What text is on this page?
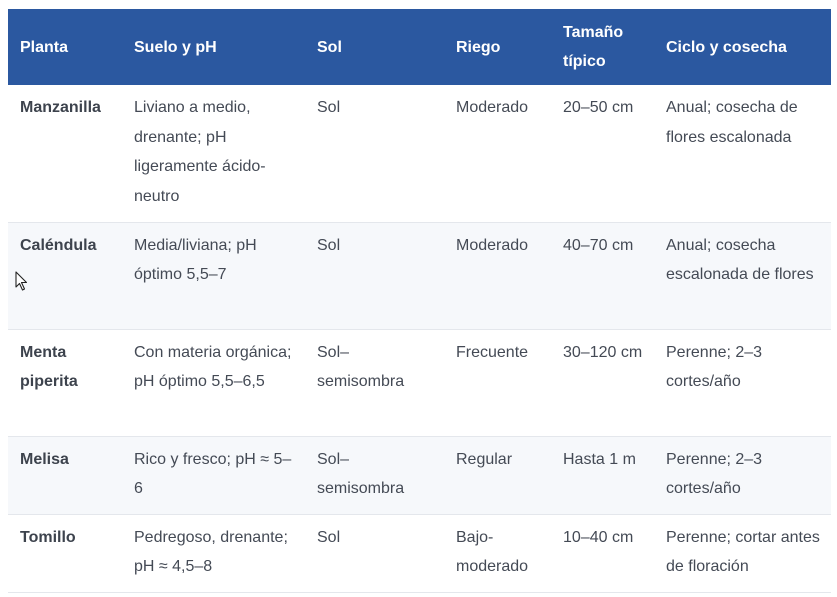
Planta	Suelo y pH	Sol	Riego	Tamaño típico	Ciclo y cosecha
Manzanilla	Liviano a medio, drenante; pH ligeramente ácido-neutro	Sol	Moderado	20–50 cm	Anual; cosecha de flores escalonada
Caléndula	Media/liviana; pH óptimo 5,5–7	Sol	Moderado	40–70 cm	Anual; cosecha escalonada de flores
Menta piperita	Con materia orgánica; pH óptimo 5,5–6,5	Sol–semisombra	Frecuente	30–120 cm	Perenne; 2–3 cortes/año
Melisa	Rico y fresco; pH ≈ 5–6	Sol–semisombra	Regular	Hasta 1 m	Perenne; 2–3 cortes/año
Tomillo	Pedregoso, drenante; pH ≈ 4,5–8	Sol	Bajo-moderado	10–40 cm	Perenne; cortar antes de floración
